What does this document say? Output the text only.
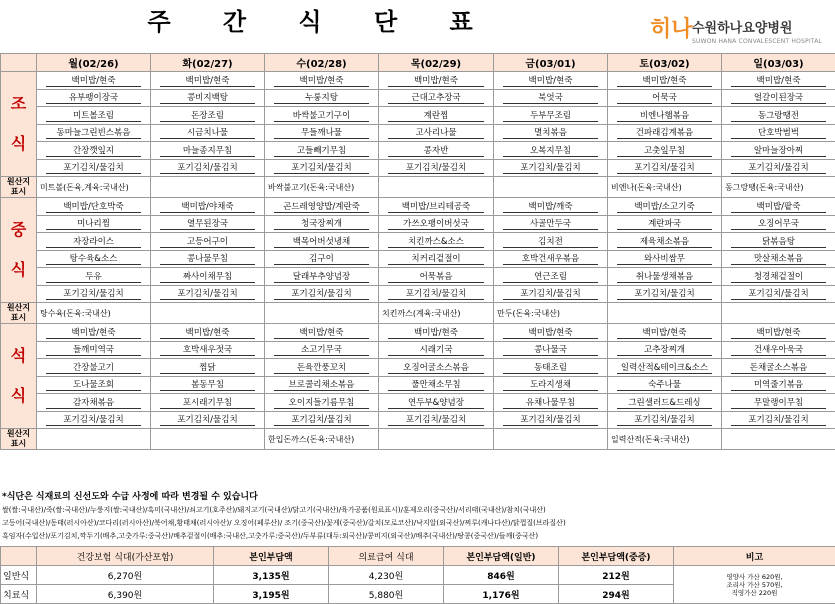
주 간 식 단 표	히나 수원하나요양병원
SUWON HANA CONVALESCENT HOSPITAL
	월(02/26)	화(02/27)	수(02/28)	목(02/29)	금(03/01)	토(03/02)	일(03/03)
조
식	백미밥/현죽	백미밥/현죽	백미밥/현죽	백미밥/현죽	백미밥/현죽	백미밥/현죽	백미밥/현죽
	유부팽이장국	콩비지백탕	누룽지탕	근대고추장국	북엇국	어묵국	얼갈이된장국
	미트볼조림	돈장조림	바싹불고기구이	계란찜	두부무조림	비엔나햄볶음	동그랑땡전
	동마늘그린빈스볶음	시금치나물	무들깨나물	고사리나물	멸치볶음	건파래김계볶음	단호박범벅
	간장깻잎지	마늘종지무침	고들빼기무침	콩자반	오복지무침	고춧잎무침	알마늘장아찌
	포기김치/물김치	포기김치/물김치	포기김치/물김치	포기김치/물김치	포기김치/물김치	포기김치/물김치	포기김치/물김치
원산지
표시	미트볼(돈육,계육:국내산)		바싹불고기(돈육:국내산)			비엔나(돈육:국내산)	동그랑땡(돈육:국내산)
중
식	백미밥/단호박죽	백미밥/야채죽	곤드레영양밥/계란죽	백미밥/브리테공죽	백미밥/깨죽	백미밥/소고기죽	백미밥/팥죽
	미나리찜	열무된장국	청국장찌개	가쓰오팽이버섯국	사골만두국	계란파국	오징어무국
	자장라이스	고등어구이	백목어버섯냉채	치킨까스&소스	김치전	제육채소볶음	닭볶음탕
	탕수육&소스	콩나물무침	김구이	치커리겉절이	호박건새우볶음	와사비쌈무	맛살채소볶음
	두유	짜사이채무침	달래부추양념장	어묵볶음	연근조림	취나물생채볶음	청경채겉절이
	포기김치/물김치	포기김치/물김치	포기김치/물김치	포기김치/물김치	포기김치/물김치	포기김치/물김치	포기김치/물김치
원산지
표시	탕수육(돈육:국내산)			치킨까스(계육:국내산)	만두(돈육:국내산)		
석
식	백미밥/현죽	백미밥/현죽	백미밥/현죽	백미밥/현죽	백미밥/현죽	백미밥/현죽	백미밥/현죽
	들깨미역국	호박새우젓국	소고기무국	시래기국	콩나물국	고추장찌개	건새우아욱국
	간장불고기	찜닭	돈육깐풍꼬치	오징어굴소스볶음	동태조림	일력산적&테이크&소스	돈채굴소스볶음
	도나물조회	봄동무침	브로콜리채소볶음	풀만채소무침	도라지생채	숙주나물	미역줄기볶음
	감자채볶음	포시래기무침	오이지들기름무침	연두부&양념장	유채나물무침	그린샐러드&드레싱	무말랭이무침
	포기김치/물김치	포기김치/물김치	포기김치/물김치	포기김치/물김치	포기김치/물김치	포기김치/물김치	포기김치/물김치
원산지
표시			한입돈까스(돈육:국내산)			일력산적(돈육:국내산)	
*식단은 식재료의 신선도와 수급 사정에 따라 변경될 수 있습니다
쌀(쌀:국내산)/죽(쌀:국내산)/누룽지(쌀:국내산)/흑미(국내산)/쇠고기(호주산)/돼지고기(국내산)/닭고기(국내산)/육가공품(원료표시)/훈제오리(중국산)/서리태(국내산)/참치(국내산)
고등어(국내산)/동태(러시아산)/코다리(러시아산)/북어채,황태채(러시아산)/ 오징어(페루산)/ 조기(중국산)/꽃게(중국산)/갈치(모로코산)/낙지알(외국산)/찌루(캐나다산)/닭껍질(브라질산)
흑임자(수입산)/포기김치,깍두기(배추,고춧가루:중국산)/배추겉절이(배추:국내산,고춧가루:중국산)/두부류(대두:외국산)/콩비지(외국산)/배추(국내산)/땅콩(중국산)/들깨(중국산)
	건강보험 식대(가산포함)	본인부담액	의료급여 식대	본인부담액(일반)	본인부담액(중증)	비고
일반식	6,270원	3,135원	4,230원	846원	212원	영양사 가산 620원,
조리사 가산 570원,
직영가산 220원
치료식	6,390원	3,195원	5,880원	1,176원	294원	
